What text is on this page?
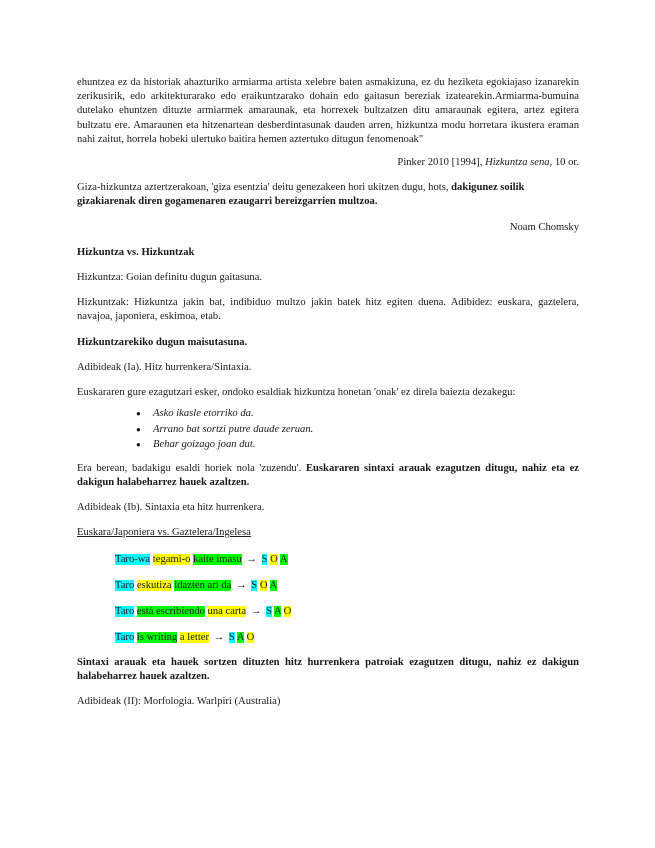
ehuntzea ez da historiak ahazturiko armiarma artista xelebre baten asmakizuna, ez du heziketa egokiajaso izanarekin zerikusirik, edo arkitekturarako edo eraikuntzarako dohain edo gaitasun bereziak izatearekin.Armiarma-bumuina dutelako ehuntzen dituzte armiarmek amaraunak, eta horrexek bultzatzen ditu amaraunak egitera, artez egitera bultzatu ere. Amaraunen eta hitzenartean desberdintasunak dauden arren, hizkuntza modu horretara ikustera eraman nahi zaitut, horrela hobeki ulertuko baitira hemen aztertuko ditugun fenomenoak"

Pinker 2010 [1994], Hizkuntza sena, 10 or.

Giza-hizkuntza aztertzerakoan, 'giza esentzia' deitu genezakeen hori ukitzen dugu, hots, dakigunez soilik gizakiarenak diren gogamenaren ezaugarri bereizgarrien multzoa.

Noam Chomsky

Hizkuntza vs. Hizkuntzak

Hizkuntza: Goian definitu dugun gaitasuna.

Hizkuntzak: Hizkuntza jakin bat, indibiduo multzo jakin batek hitz egiten duena. Adibidez: euskara, gaztelera, navajoa, japoniera, eskimoa, etab.

Hizkuntzarekiko dugun maisutasuna.

Adibideak (Ia). Hitz hurrenkera/Sintaxia.

Euskararen gure ezagutzari esker, ondoko esaldiak hizkuntza honetan 'onak' ez direla baiezta dezakegu:

● Asko ikasle etorriko da.
● Arrano bat sortzi putre daude zeruan.
● Behar goizago joan dut.

Era berean, badakigu esaldi horiek nola 'zuzendu'. Euskararen sintaxi arauak ezagutzen ditugu, nahiz eta ez dakigun halabeharrez hauek azaltzen.

Adibideak (Ib). Sintaxia eta hitz hurrenkera.

Euskara/Japoniera vs. Gaztelera/Ingelesa

Taro-wa tegami-o kaite imasu → S O A

Taro eskutiza idazten ari da → S O A

Taro está escribiendo una carta → S A O

Taro is writing a letter → S A O

Sintaxi arauak eta hauek sortzen dituzten hitz hurrenkera patroiak ezagutzen ditugu, nahiz ez dakigun halabeharrez hauek azaltzen.

Adibideak (II): Morfologia. Warlpiri (Australia)
